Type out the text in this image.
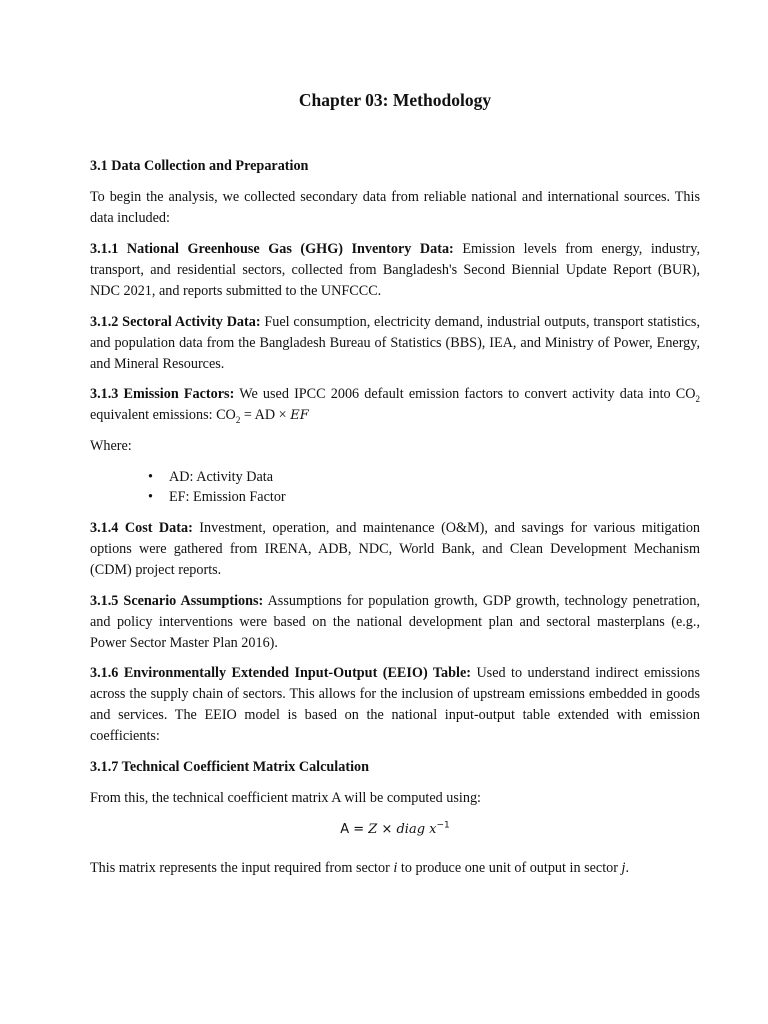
Chapter 03: Methodology
3.1 Data Collection and Preparation

To begin the analysis, we collected secondary data from reliable national and international sources. This data included:

3.1.1 National Greenhouse Gas (GHG) Inventory Data: Emission levels from energy, industry, transport, and residential sectors, collected from Bangladesh's Second Biennial Update Report (BUR), NDC 2021, and reports submitted to the UNFCCC.

3.1.2 Sectoral Activity Data: Fuel consumption, electricity demand, industrial outputs, transport statistics, and population data from the Bangladesh Bureau of Statistics (BBS), IEA, and Ministry of Power, Energy, and Mineral Resources.

3.1.3 Emission Factors: We used IPCC 2006 default emission factors to convert activity data into $CO_2$ equivalent emissions: $CO_2$ = AD × EF

Where:

• AD: Activity Data
• EF: Emission Factor

3.1.4 Cost Data: Investment, operation, and maintenance (O&M), and savings for various mitigation options were gathered from IRENA, ADB, NDC, World Bank, and Clean Development Mechanism (CDM) project reports.

3.1.5 Scenario Assumptions: Assumptions for population growth, GDP growth, technology penetration, and policy interventions were based on the national development plan and sectoral masterplans (e.g., Power Sector Master Plan 2016).

3.1.6 Environmentally Extended Input-Output (EEIO) Table: Used to understand indirect emissions across the supply chain of sectors. This allows for the inclusion of upstream emissions embedded in goods and services. The EEIO model is based on the national input-output table extended with emission coefficients:

3.1.7 Technical Coefficient Matrix Calculation

From this, the technical coefficient matrix A will be computed using:

A = Z × diag $x^{-1}$

This matrix represents the input required from sector i to produce one unit of output in sector j.
